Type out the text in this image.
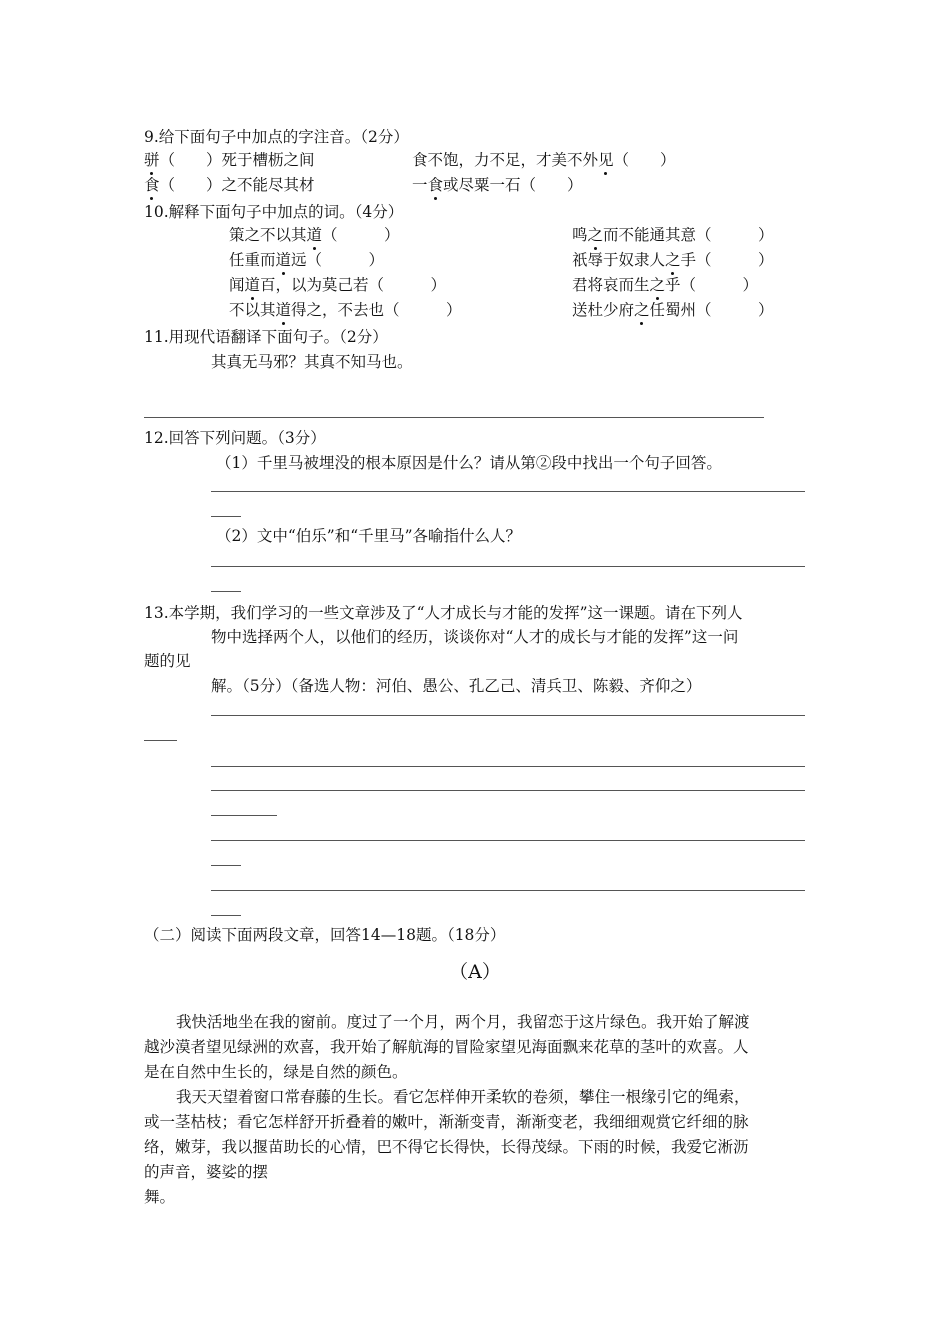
9.给下面句子中加点的字注音。（2分）
骈（　　）死于槽枥之间	食不饱，力不足，才美不外见（　　）
食（　　）之不能尽其材	一食或尽粟一石（　　）
10.解释下面句子中加点的词。（4分）
策之不以其道（　　　）	鸣之而不能通其意（　　　）
任重而道远（　　　）	祇辱于奴隶人之手（　　　）
闻道百，以为莫己若（　　　）	君将哀而生之乎（　　　）
不以其道得之，不去也（　　　）	送杜少府之任蜀州（　　　）
11.用现代语翻译下面句子。（2分）
其真无马邪？其真不知马也。
12.回答下列问题。（3分）
（1）千里马被埋没的根本原因是什么？请从第②段中找出一个句子回答。
（2）文中“伯乐”和“千里马”各喻指什么人？
13.本学期，我们学习的一些文章涉及了“人才成长与才能的发挥”这一课题。请在下列人
物中选择两个人，以他们的经历，谈谈你对“人才的成长与才能的发挥”这一问
题的见
解。（5分）（备选人物：河伯、愚公、孔乙己、清兵卫、陈毅、齐仰之）
（二）阅读下面两段文章，回答14—18题。（18分）
（A）
我快活地坐在我的窗前。度过了一个月，两个月，我留恋于这片绿色。我开始了解渡
越沙漠者望见绿洲的欢喜，我开始了解航海的冒险家望见海面飘来花草的茎叶的欢喜。人
是在自然中生长的，绿是自然的颜色。
我天天望着窗口常春藤的生长。看它怎样伸开柔软的卷须，攀住一根缘引它的绳索，
或一茎枯枝；看它怎样舒开折叠着的嫩叶，渐渐变青，渐渐变老，我细细观赏它纤细的脉
络，嫩芽，我以揠苗助长的心情，巴不得它长得快，长得茂绿。下雨的时候，我爱它淅沥
的声音，婆娑的摆
舞。
